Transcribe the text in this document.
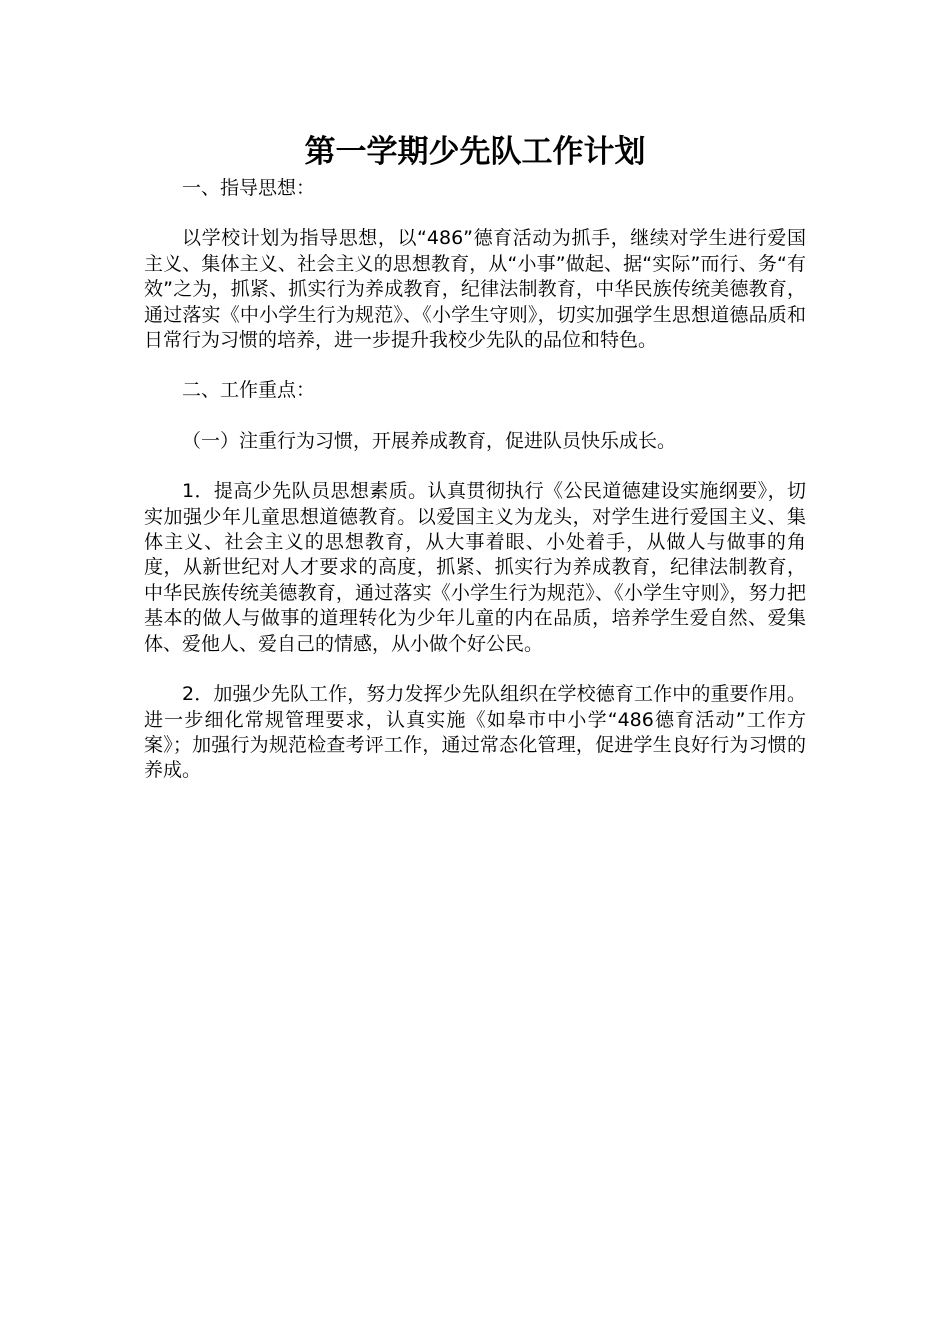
第一学期少先队工作计划

一、指导思想：

以学校计划为指导思想，以“486”德育活动为抓手，继续对学生进行爱国主义、集体主义、社会主义的思想教育，从“小事”做起、据“实际”而行、务“有效”之为，抓紧、抓实行为养成教育，纪律法制教育，中华民族传统美德教育，通过落实《中小学生行为规范》、《小学生守则》，切实加强学生思想道德品质和日常行为习惯的培养，进一步提升我校少先队的品位和特色。

二、工作重点：

（一）注重行为习惯，开展养成教育，促进队员快乐成长。

1．提高少先队员思想素质。认真贯彻执行《公民道德建设实施纲要》，切实加强少年儿童思想道德教育。以爱国主义为龙头，对学生进行爱国主义、集体主义、社会主义的思想教育，从大事着眼、小处着手，从做人与做事的角度，从新世纪对人才要求的高度，抓紧、抓实行为养成教育，纪律法制教育，中华民族传统美德教育，通过落实《小学生行为规范》、《小学生守则》，努力把基本的做人与做事的道理转化为少年儿童的内在品质，培养学生爱自然、爱集体、爱他人、爱自己的情感，从小做个好公民。

2．加强少先队工作，努力发挥少先队组织在学校德育工作中的重要作用。进一步细化常规管理要求，认真实施《如皋市中小学“486德育活动”工作方案》；加强行为规范检查考评工作，通过常态化管理，促进学生良好行为习惯的养成。
